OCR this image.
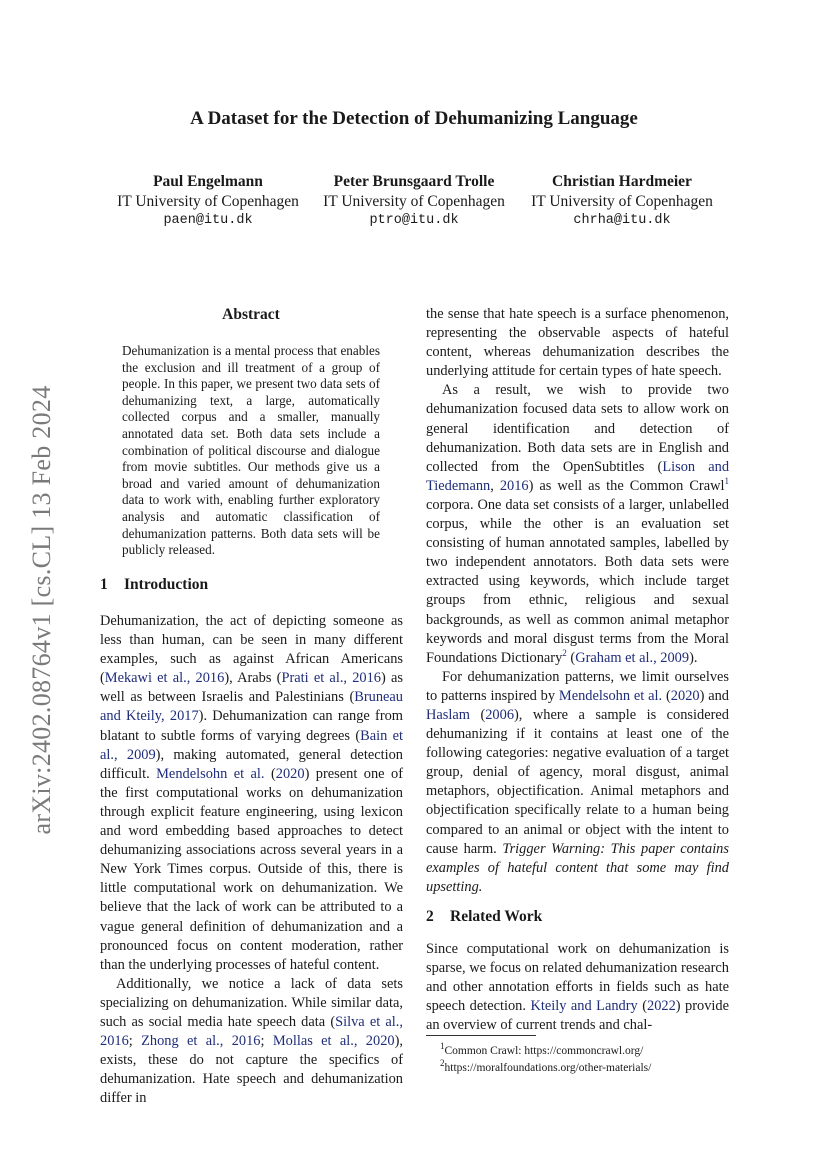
A Dataset for the Detection of Dehumanizing Language
Paul Engelmann
IT University of Copenhagen
paen@itu.dk
Peter Brunsgaard Trolle
IT University of Copenhagen
ptro@itu.dk
Christian Hardmeier
IT University of Copenhagen
chrha@itu.dk
arXiv:2402.08764v1 [cs.CL] 13 Feb 2024
Abstract

Dehumanization is a mental process that enables the exclusion and ill treatment of a group of people. In this paper, we present two data sets of dehumanizing text, a large, automatically collected corpus and a smaller, manually annotated data set. Both data sets include a combination of political discourse and dialogue from movie subtitles. Our methods give us a broad and varied amount of dehumanization data to work with, enabling further exploratory analysis and automatic classification of dehumanization patterns. Both data sets will be publicly released.

1 Introduction

Dehumanization, the act of depicting someone as less than human, can be seen in many different examples, such as against African Americans (Mekawi et al., 2016), Arabs (Prati et al., 2016) as well as between Israelis and Palestinians (Bruneau and Kteily, 2017). Dehumanization can range from blatant to subtle forms of varying degrees (Bain et al., 2009), making automated, general detection difficult. Mendelsohn et al. (2020) present one of the first computational works on dehumanization through explicit feature engineering, using lexicon and word embedding based approaches to detect dehumanizing associations across several years in a New York Times corpus. Outside of this, there is little computational work on dehumanization. We believe that the lack of work can be attributed to a vague general definition of dehumanization and a pronounced focus on content moderation, rather than the underlying processes of hateful content.

Additionally, we notice a lack of data sets specializing on dehumanization. While similar data, such as social media hate speech data (Silva et al., 2016; Zhong et al., 2016; Mollas et al., 2020), exists, these do not capture the specifics of dehumanization. Hate speech and dehumanization differ in

the sense that hate speech is a surface phenomenon, representing the observable aspects of hateful content, whereas dehumanization describes the underlying attitude for certain types of hate speech.

As a result, we wish to provide two dehumanization focused data sets to allow work on general identification and detection of dehumanization. Both data sets are in English and collected from the OpenSubtitles (Lison and Tiedemann, 2016) as well as the Common Crawl$^1$ corpora. One data set consists of a larger, unlabelled corpus, while the other is an evaluation set consisting of human annotated samples, labelled by two independent annotators. Both data sets were extracted using keywords, which include target groups from ethnic, religious and sexual backgrounds, as well as common animal metaphor keywords and moral disgust terms from the Moral Foundations Dictionary$^2$ (Graham et al., 2009).

For dehumanization patterns, we limit ourselves to patterns inspired by Mendelsohn et al. (2020) and Haslam (2006), where a sample is considered dehumanizing if it contains at least one of the following categories: negative evaluation of a target group, denial of agency, moral disgust, animal metaphors, objectification. Animal metaphors and objectification specifically relate to a human being compared to an animal or object with the intent to cause harm. Trigger Warning: This paper contains examples of hateful content that some may find upsetting.

2 Related Work

Since computational work on dehumanization is sparse, we focus on related dehumanization research and other annotation efforts in fields such as hate speech detection. Kteily and Landry (2022) provide an overview of current trends and chal-

$^1$Common Crawl: https://commoncrawl.org/
$^2$https://moralfoundations.org/other-materials/
